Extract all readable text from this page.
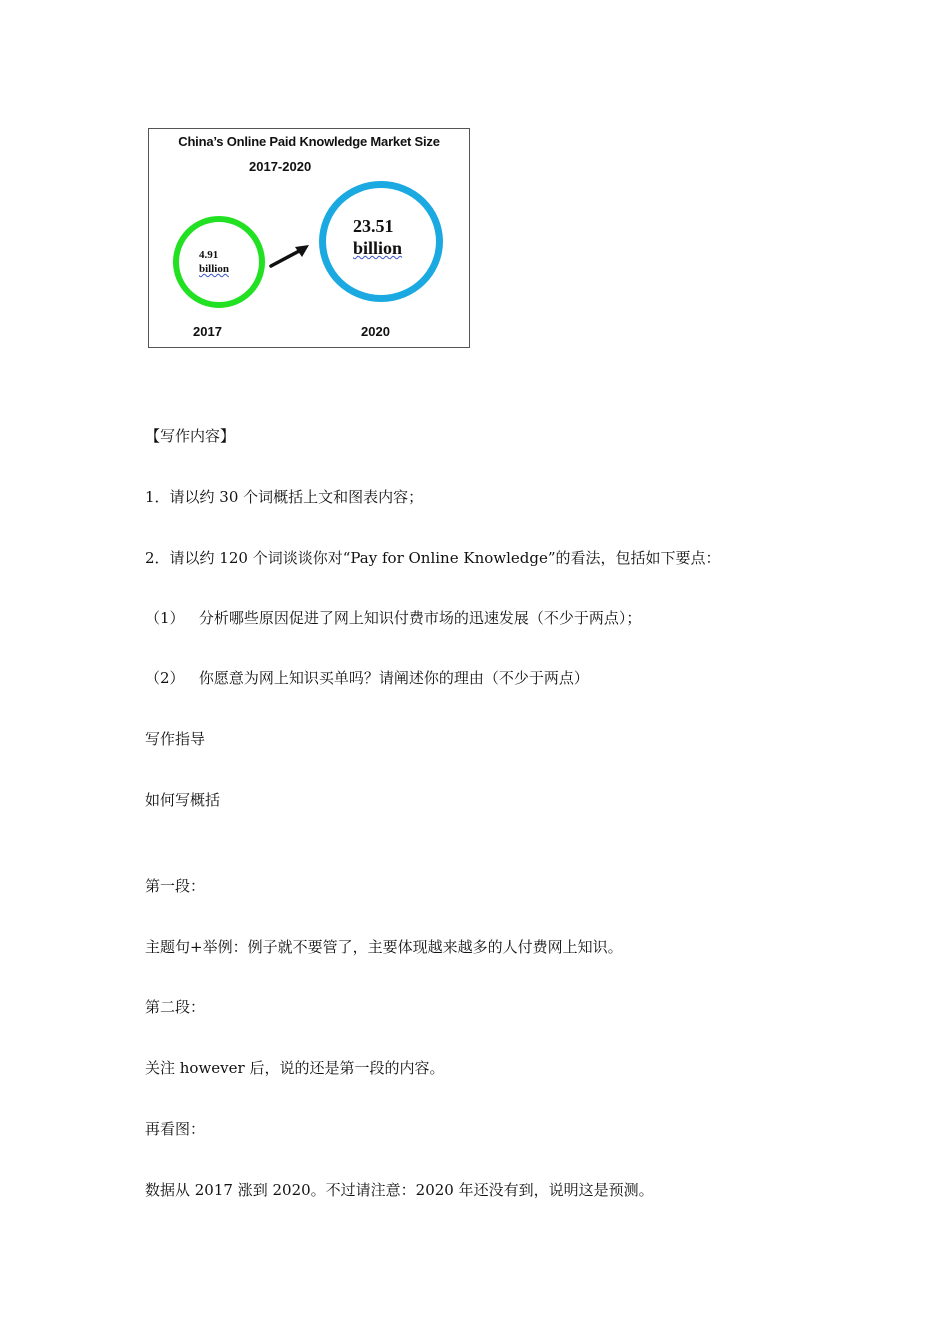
China’s Online Paid Knowledge Market Size
2017-2020
4.91
billion
23.51
billion
2017	2020
【写作内容】
1．请以约 30 个词概括上文和图表内容；
2．请以约 120 个词谈谈你对“Pay for Online Knowledge”的看法，包括如下要点：
（1）   分析哪些原因促进了网上知识付费市场的迅速发展（不少于两点）；
（2）   你愿意为网上知识买单吗？请阐述你的理由（不少于两点）
写作指导
如何写概括
第一段：
主题句+举例：例子就不要管了，主要体现越来越多的人付费网上知识。
第二段：
关注 however 后，说的还是第一段的内容。
再看图：
数据从 2017 涨到 2020。不过请注意：2020 年还没有到，说明这是预测。
